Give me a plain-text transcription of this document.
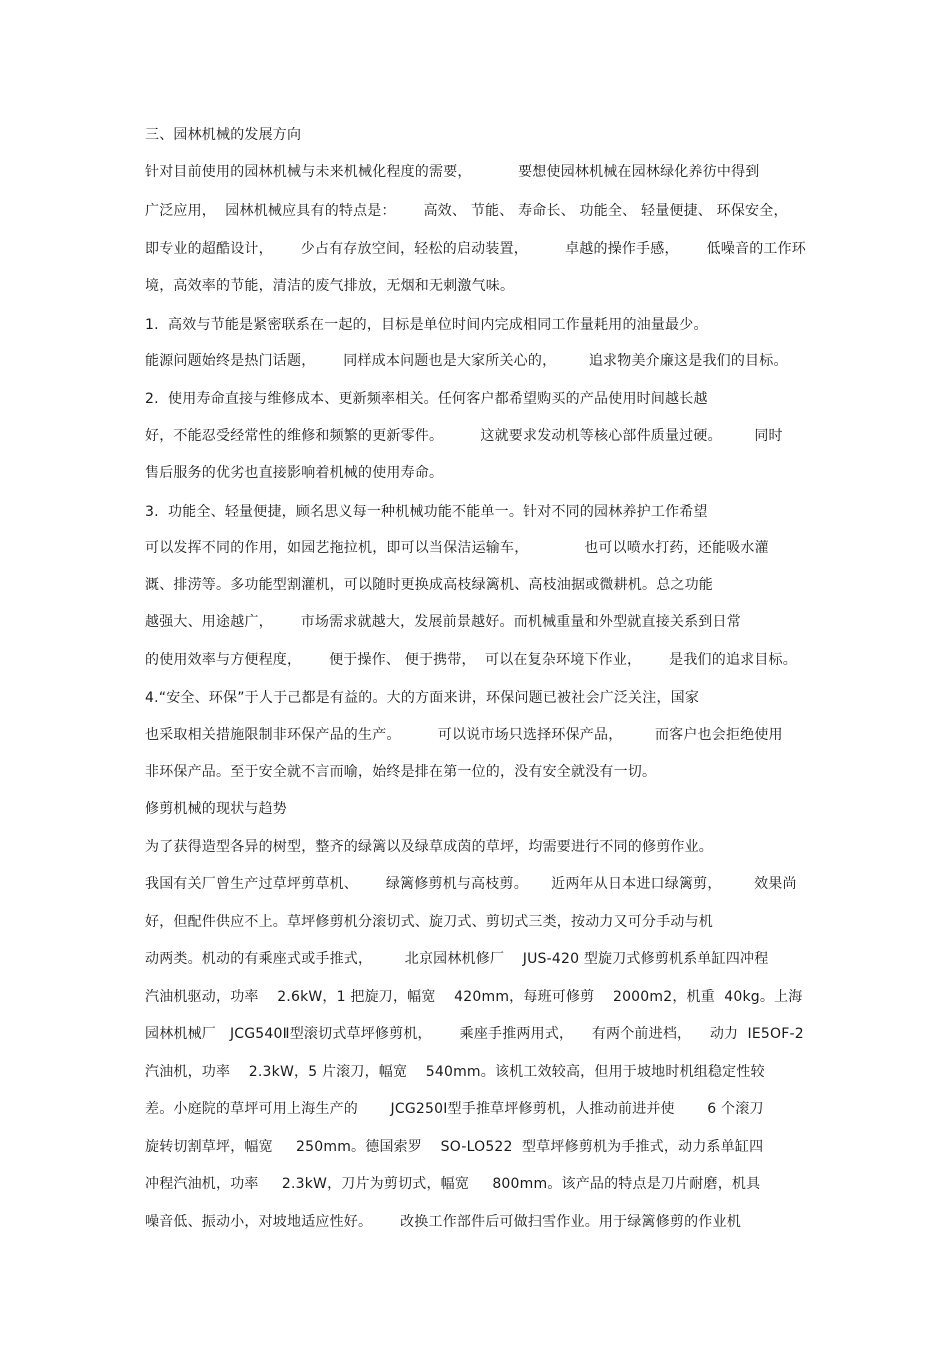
三、园林机械的发展方向
针对目前使用的园林机械与未来机械化程度的需要，          要想使园林机械在园林绿化养彷中得到
广泛应用，  园林机械应具有的特点是：      高效、 节能、 寿命长、 功能全、 轻量便捷、 环保安全，
即专业的超酷设计，      少占有存放空间，轻松的启动装置，        卓越的操作手感，      低噪音的工作环
境，高效率的节能，清洁的废气排放，无烟和无刺激气味。
1.  高效与节能是紧密联系在一起的，目标是单位时间内完成相同工作量耗用的油量最少。
能源问题始终是热门话题，      同样成本问题也是大家所关心的，       追求物美介廉这是我们的目标。
2.  使用寿命直接与维修成本、更新频率相关。任何客户都希望购买的产品使用时间越长越
好，不能忍受经常性的维修和频繁的更新零件。        这就要求发动机等核心部件质量过硬。       同时
售后服务的优劣也直接影响着机械的使用寿命。
3.  功能全、轻量便捷，顾名思义每一种机械功能不能单一。针对不同的园林养护工作希望
可以发挥不同的作用，如园艺拖拉机，即可以当保洁运输车，            也可以喷水打药，还能吸水灌
溉、排涝等。多功能型割灌机，可以随时更换成高枝绿篱机、高枝油据或微耕机。总之功能
越强大、用途越广，      市场需求就越大，发展前景越好。而机械重量和外型就直接关系到日常
的使用效率与方便程度，      便于操作、 便于携带，  可以在复杂环境下作业，      是我们的追求目标。
4.“安全、环保”于人于己都是有益的。大的方面来讲，环保问题已被社会广泛关注，国家
也采取相关措施限制非环保产品的生产。        可以说市场只选择环保产品，       而客户也会拒绝使用
非环保产品。至于安全就不言而喻，始终是排在第一位的，没有安全就没有一切。
修剪机械的现状与趋势
为了获得造型各异的树型，整齐的绿篱以及绿草成茵的草坪，均需要进行不同的修剪作业。
我国有关厂曾生产过草坪剪草机、      绿篱修剪机与高枝剪。     近两年从日本进口绿篱剪，       效果尚
好，但配件供应不上。草坪修剪机分滚切式、旋刀式、剪切式三类，按动力又可分手动与机
动两类。机动的有乘座式或手推式，       北京园林机修厂    JUS-420 型旋刀式修剪机系单缸四冲程
汽油机驱动，功率    2.6kW，1 把旋刀，幅宽    420mm，每班可修剪    2000m2，机重  40kg。上海
园林机械厂   JCG540Ⅱ型滚切式草坪修剪机，      乘座手推两用式，    有两个前进档，    动力  IE5OF-2
汽油机，功率    2.3kW，5 片滚刀，幅宽    540mm。该机工效较高，但用于坡地时机组稳定性较
差。小庭院的草坪可用上海生产的       JCG250Ⅰ型手推草坪修剪机，人推动前进并使       6 个滚刀
旋转切割草坪，幅宽     250mm。德国索罗    SO-LO522  型草坪修剪机为手推式，动力系单缸四
冲程汽油机，功率     2.3kW，刀片为剪切式，幅宽     800mm。该产品的特点是刀片耐磨，机具
噪音低、振动小，对坡地适应性好。      改换工作部件后可做扫雪作业。用于绿篱修剪的作业机
